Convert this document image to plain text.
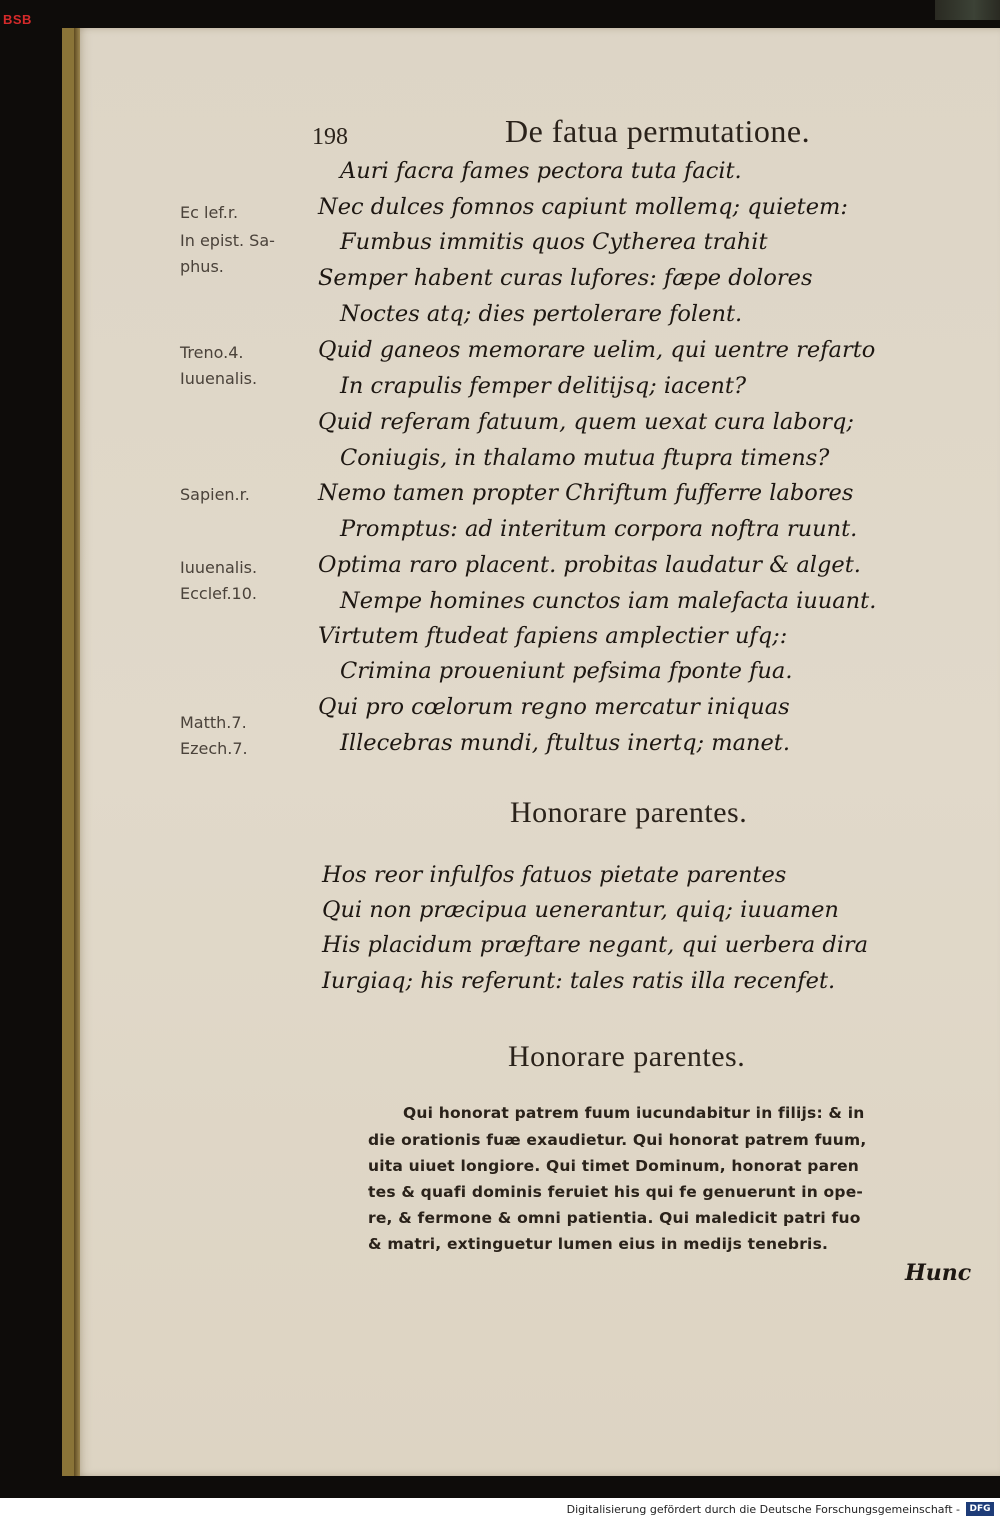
BSB
198	De fatua permutatione.
Ec lef.r.
In epist. Sa-
phus.
Treno.4.
Iuuenalis.
Sapien.r.
Iuuenalis.
Ecclef.10.
Matth.7.
Ezech.7.
Auri facra fames pectora tuta facit.
Nec dulces fomnos capiunt mollemq; quietem:
Fumbus immitis quos Cytherea trahit
Semper habent curas lufores: fæpe dolores
Noctes atq; dies pertolerare folent.
Quid ganeos memorare uelim, qui uentre refarto
In crapulis femper delitijsq; iacent?
Quid referam fatuum, quem uexat cura laborq;
Coniugis, in thalamo mutua ftupra timens?
Nemo tamen propter Chriftum fufferre labores
Promptus: ad interitum corpora noftra ruunt.
Optima raro placent. probitas laudatur & alget.
Nempe homines cunctos iam malefacta iuuant.
Virtutem ftudeat fapiens amplectier ufq;:
Crimina proueniunt pefsima fponte fua.
Qui pro cœlorum regno mercatur iniquas
Illecebras mundi, ftultus inertq; manet.
Honorare parentes.
Hos reor infulfos fatuos pietate parentes
Qui non præcipua uenerantur, quiq; iuuamen
His placidum præftare negant, qui uerbera dira
Iurgiaq; his referunt: tales ratis illa recenfet.
Honorare parentes.
Qui honorat patrem fuum iucundabitur in filijs: & in
die orationis fuæ exaudietur. Qui honorat patrem fuum,
uita uiuet longiore. Qui timet Dominum, honorat paren
tes & quafi dominis feruiet his qui fe genuerunt in ope-
re, & fermone & omni patientia. Qui maledicit patri fuo
& matri, extinguetur lumen eius in medijs tenebris.
Hunc
Digitalisierung gefördert durch die Deutsche Forschungsgemeinschaft -	DFG
